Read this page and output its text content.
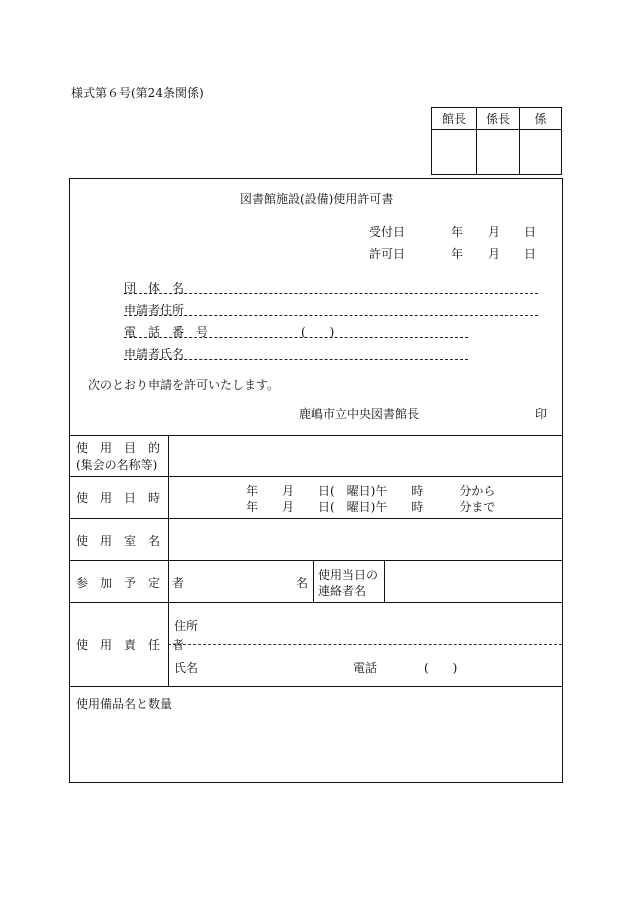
様式第６号(第24条関係)
館長	係長	係
図書館施設(設備)使用許可書
受付日	年 月 日
許可日	年 月 日
団　体　名
申請者住所
電　話　番　号	(　　)
申請者氏名
次のとおり申請を許可いたします。
鹿嶋市立中央図書館長	印
使　用　目　的
(集会の名称等)
使　用　日　時	年　　月　　日(　曜日)午　　時　　　分から
年　　月　　日(　曜日)午　　時　　　分まで
使　用　室　名
参　加　予　定　者	名
使用当日の
連絡者名
使　用　責　任　者
住所
氏名	電話	(　　)
使用備品名と数量
